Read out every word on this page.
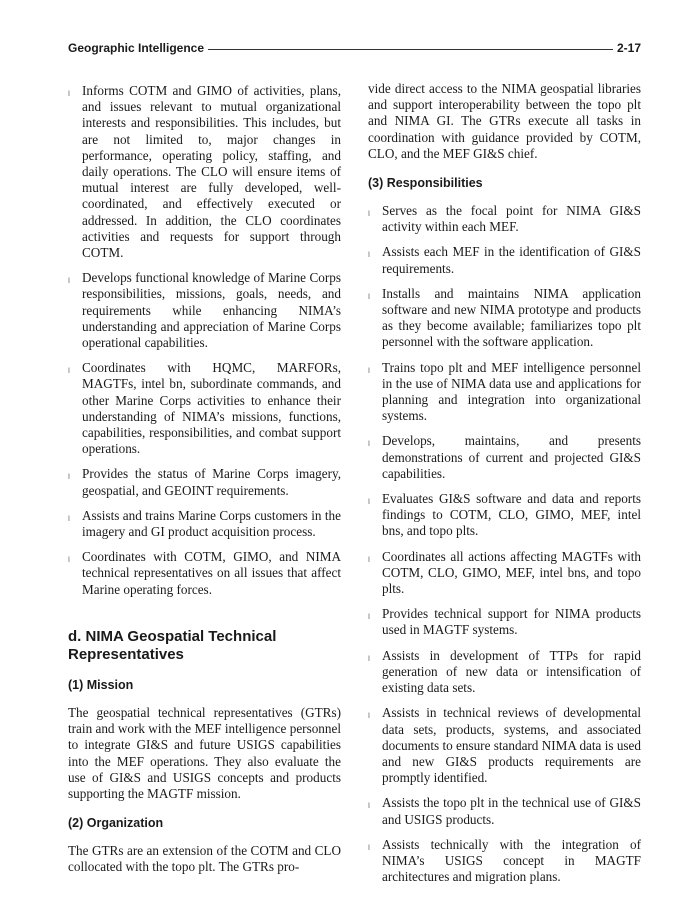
Geographic Intelligence	2-17
l Informs COTM and GIMO of activities, plans, and issues relevant to mutual organizational interests and responsibilities. This includes, but are not limited to, major changes in performance, operating policy, staffing, and daily operations. The CLO will ensure items of mutual interest are fully developed, well-coordinated, and effectively executed or addressed. In addition, the CLO coordinates activities and requests for support through COTM.
l Develops functional knowledge of Marine Corps responsibilities, missions, goals, needs, and requirements while enhancing NIMA’s understanding and appreciation of Marine Corps operational capabilities.
l Coordinates with HQMC, MARFORs, MAGTFs, intel bn, subordinate commands, and other Marine Corps activities to enhance their understanding of NIMA’s missions, functions, capabilities, responsibilities, and combat support operations.
l Provides the status of Marine Corps imagery, geospatial, and GEOINT requirements.
l Assists and trains Marine Corps customers in the imagery and GI product acquisition process.
l Coordinates with COTM, GIMO, and NIMA technical representatives on all issues that affect Marine operating forces.
d. NIMA Geospatial Technical Representatives
(1) Mission

The geospatial technical representatives (GTRs) train and work with the MEF intelligence personnel to integrate GI&S and future USIGS capabilities into the MEF operations. They also evaluate the use of GI&S and USIGS concepts and products supporting the MAGTF mission.

(2) Organization

The GTRs are an extension of the COTM and CLO collocated with the topo plt. The GTRs pro-

vide direct access to the NIMA geospatial libraries and support interoperability between the topo plt and NIMA GI. The GTRs execute all tasks in coordination with guidance provided by COTM, CLO, and the MEF GI&S chief.

(3) Responsibilities
l Serves as the focal point for NIMA GI&S activity within each MEF.
l Assists each MEF in the identification of GI&S requirements.
l Installs and maintains NIMA application software and new NIMA prototype and products as they become available; familiarizes topo plt personnel with the software application.
l Trains topo plt and MEF intelligence personnel in the use of NIMA data use and applications for planning and integration into organizational systems.
l Develops, maintains, and presents demonstrations of current and projected GI&S capabilities.
l Evaluates GI&S software and data and reports findings to COTM, CLO, GIMO, MEF, intel bns, and topo plts.
l Coordinates all actions affecting MAGTFs with COTM, CLO, GIMO, MEF, intel bns, and topo plts.
l Provides technical support for NIMA products used in MAGTF systems.
l Assists in development of TTPs for rapid generation of new data or intensification of existing data sets.
l Assists in technical reviews of developmental data sets, products, systems, and associated documents to ensure standard NIMA data is used and new GI&S products requirements are promptly identified.
l Assists the topo plt in the technical use of GI&S and USIGS products.
l Assists technically with the integration of NIMA’s USIGS concept in MAGTF architectures and migration plans.
